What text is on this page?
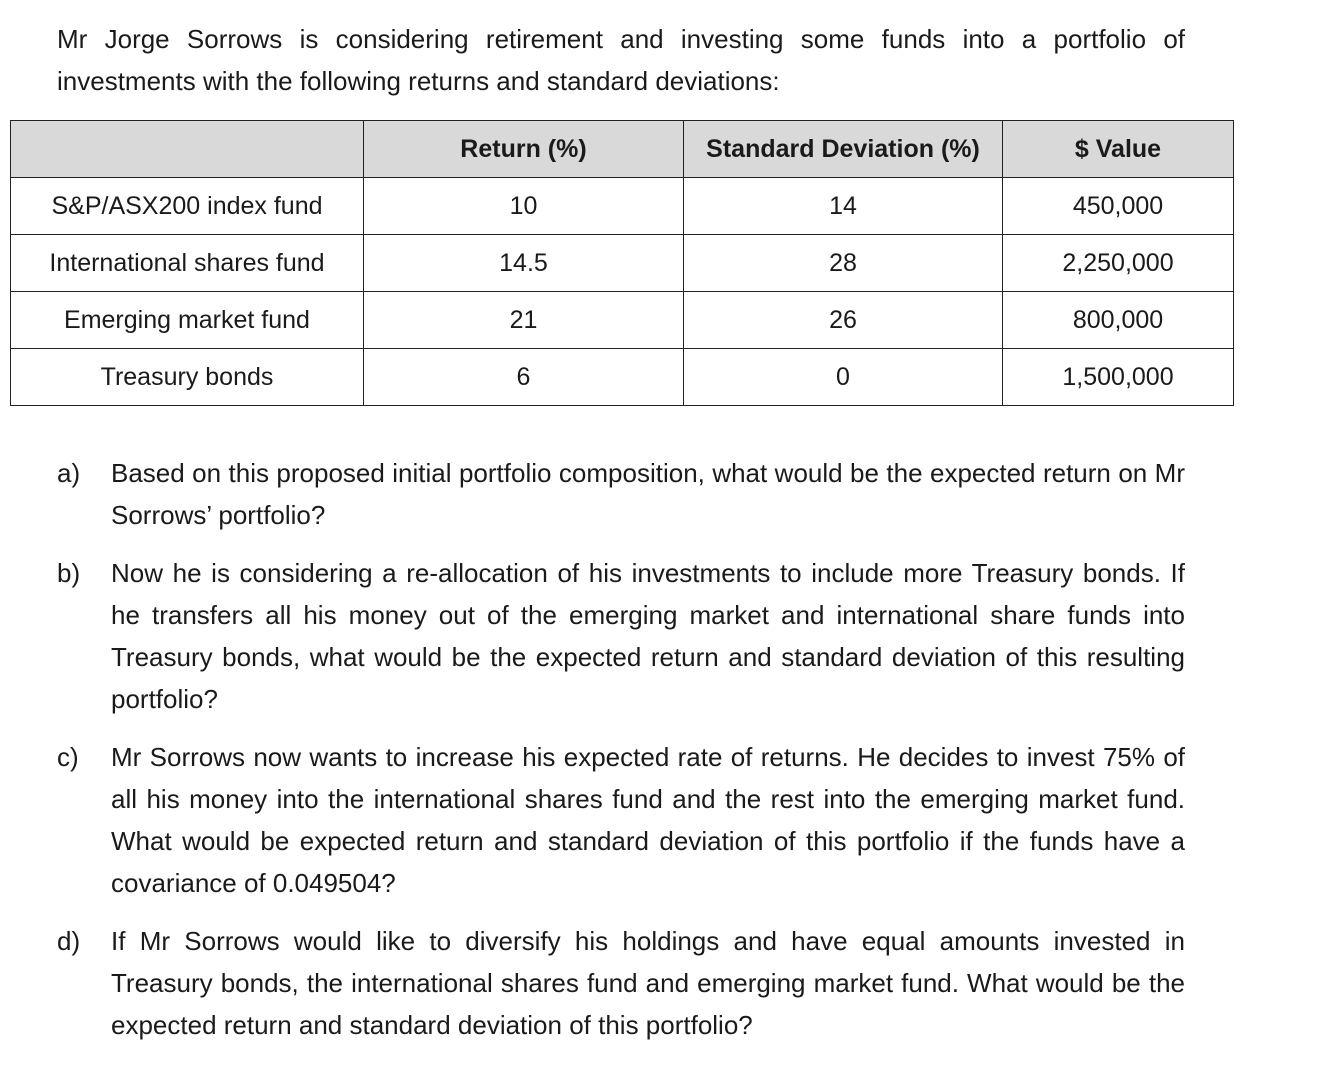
Mr Jorge Sorrows is considering retirement and investing some funds into a portfolio of investments with the following returns and standard deviations:
	Return (%)	Standard Deviation (%)	$ Value
S&P/ASX200 index fund	10	14	450,000
International shares fund	14.5	28	2,250,000
Emerging market fund	21	26	800,000
Treasury bonds	6	0	1,500,000
a)	Based on this proposed initial portfolio composition, what would be the expected return on Mr Sorrows’ portfolio?
b)	Now he is considering a re-allocation of his investments to include more Treasury bonds. If he transfers all his money out of the emerging market and international share funds into Treasury bonds, what would be the expected return and standard deviation of this resulting portfolio?
c)	Mr Sorrows now wants to increase his expected rate of returns. He decides to invest 75% of all his money into the international shares fund and the rest into the emerging market fund. What would be expected return and standard deviation of this portfolio if the funds have a covariance of 0.049504?
d)	If Mr Sorrows would like to diversify his holdings and have equal amounts invested in Treasury bonds, the international shares fund and emerging market fund. What would be the expected return and standard deviation of this portfolio?
